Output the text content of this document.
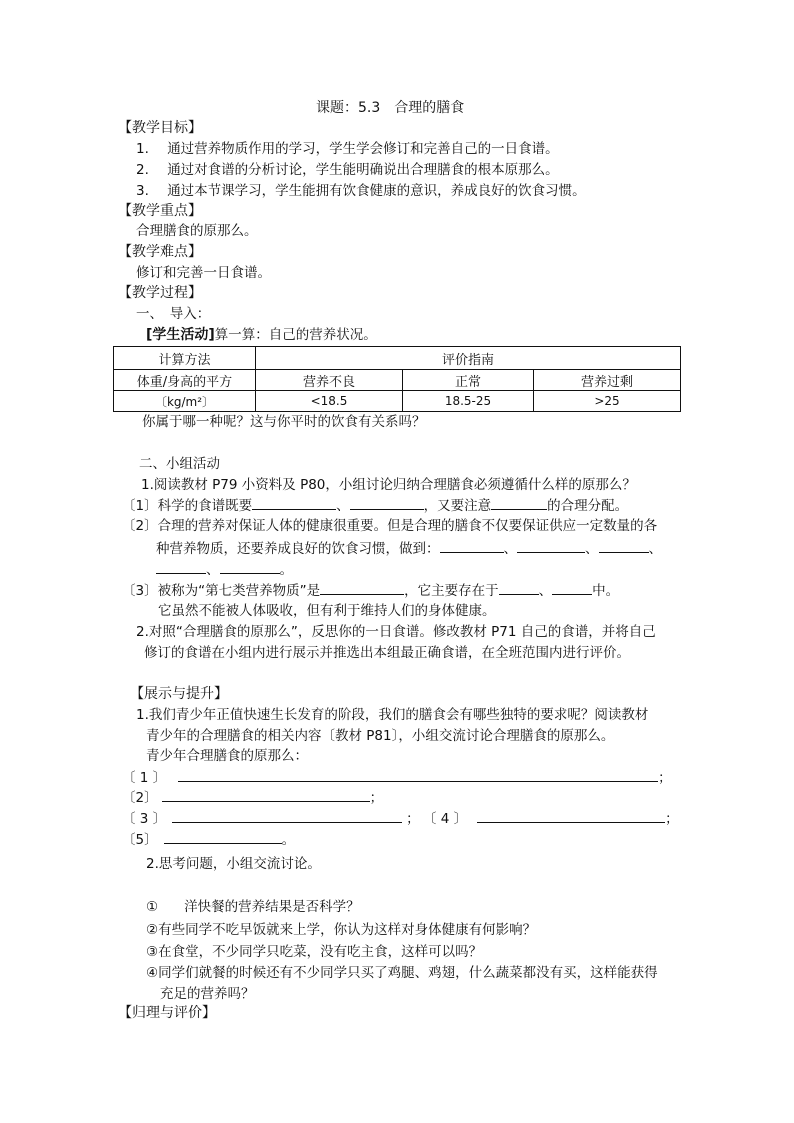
课题：5.3　合理的膳食
【教学目标】
1. 通过营养物质作用的学习，学生学会修订和完善自己的一日食谱。
2. 通过对食谱的分析讨论，学生能明确说出合理膳食的根本原那么。
3. 通过本节课学习，学生能拥有饮食健康的意识，养成良好的饮食习惯。
【教学重点】
合理膳食的原那么。
【教学难点】
修订和完善一日食谱。
【教学过程】
一、　导入：
[学生活动]算一算：自己的营养状况。
计算方法	评价指南		
体重/身高的平方	营养不良	正常	营养过剩
〔kg/m²〕	<18.5	18.5-25	>25
你属于哪一种呢？这与你平时的饮食有关系吗？
二、小组活动
1.阅读教材 P79 小资料及 P80，小组讨论归纳合理膳食必须遵循什么样的原那么？
〔1〕科学的食谱既要	、	，又要注意	的合理分配。
〔2〕合理的营养对保证人体的健康很重要。但是合理的膳食不仅要保证供应一定数量的各
种营养物质，还要养成良好的饮食习惯，做到：	、	、	、
、	。
〔3〕被称为“第七类营养物质”是	，它主要存在于	、	中。
它虽然不能被人体吸收，但有利于维持人们的身体健康。
2.对照“合理膳食的原那么”，反思你的一日食谱。修改教材 P71 自己的食谱，并将自己
修订的食谱在小组内进行展示并推选出本组最正确食谱，在全班范围内进行评价。
【展示与提升】
1.我们青少年正值快速生长发育的阶段，我们的膳食会有哪些独特的要求呢？阅读教材
青少年的合理膳食的相关内容〔教材 P81〕，小组交流讨论合理膳食的原那么。
青少年合理膳食的原那么：
〔 1 〕	；
〔2〕	；
〔 3 〕	； 〔 4 〕	；
〔5〕	。
2.思考问题，小组交流讨论。
① 洋快餐的营养结果是否科学？
②有些同学不吃早饭就来上学，你认为这样对身体健康有何影响？
③在食堂，不少同学只吃菜，没有吃主食，这样可以吗？
④同学们就餐的时候还有不少同学只买了鸡腿、鸡翅，什么蔬菜都没有买，这样能获得
充足的营养吗？
【归理与评价】
